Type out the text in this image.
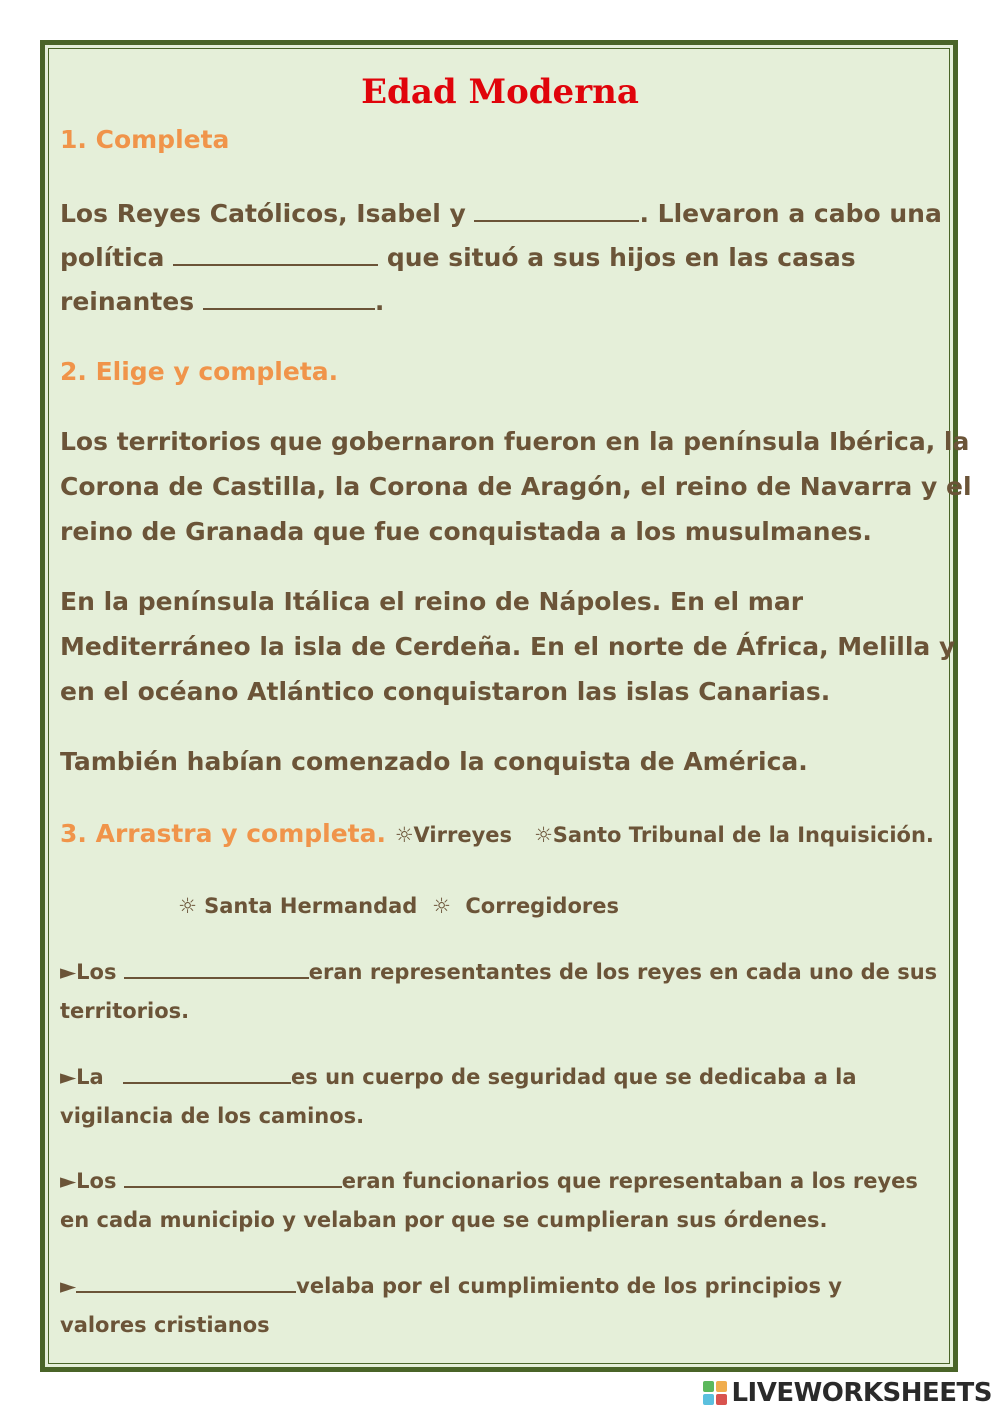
Edad Moderna
1. Completa
Los Reyes Católicos, Isabel y	. Llevaron a cabo una
política	que situó a sus hijos en las casas
reinantes	.
2. Elige y completa.
Los territorios que gobernaron fueron en la península Ibérica, la
Corona de Castilla, la Corona de Aragón, el reino de Navarra y el
reino de Granada que fue conquistada a los musulmanes.
En la península Itálica el reino de Nápoles. En el mar
Mediterráneo la isla de Cerdeña. En el norte de África, Melilla y
en el océano Atlántico conquistaron las islas Canarias.
También habían comenzado la conquista de América.
3. Arrastra y completa. ☼Virreyes   ☼Santo Tribunal de la Inquisición.
☼ Santa Hermandad  ☼  Corregidores
►Los	eran representantes de los reyes en cada uno de sus
territorios.
►La	es un cuerpo de seguridad que se dedicaba a la
vigilancia de los caminos.
►Los	eran funcionarios que representaban a los reyes
en cada municipio y velaban por que se cumplieran sus órdenes.
►	velaba por el cumplimiento de los principios y
valores cristianos
LIVEWORKSHEETS
